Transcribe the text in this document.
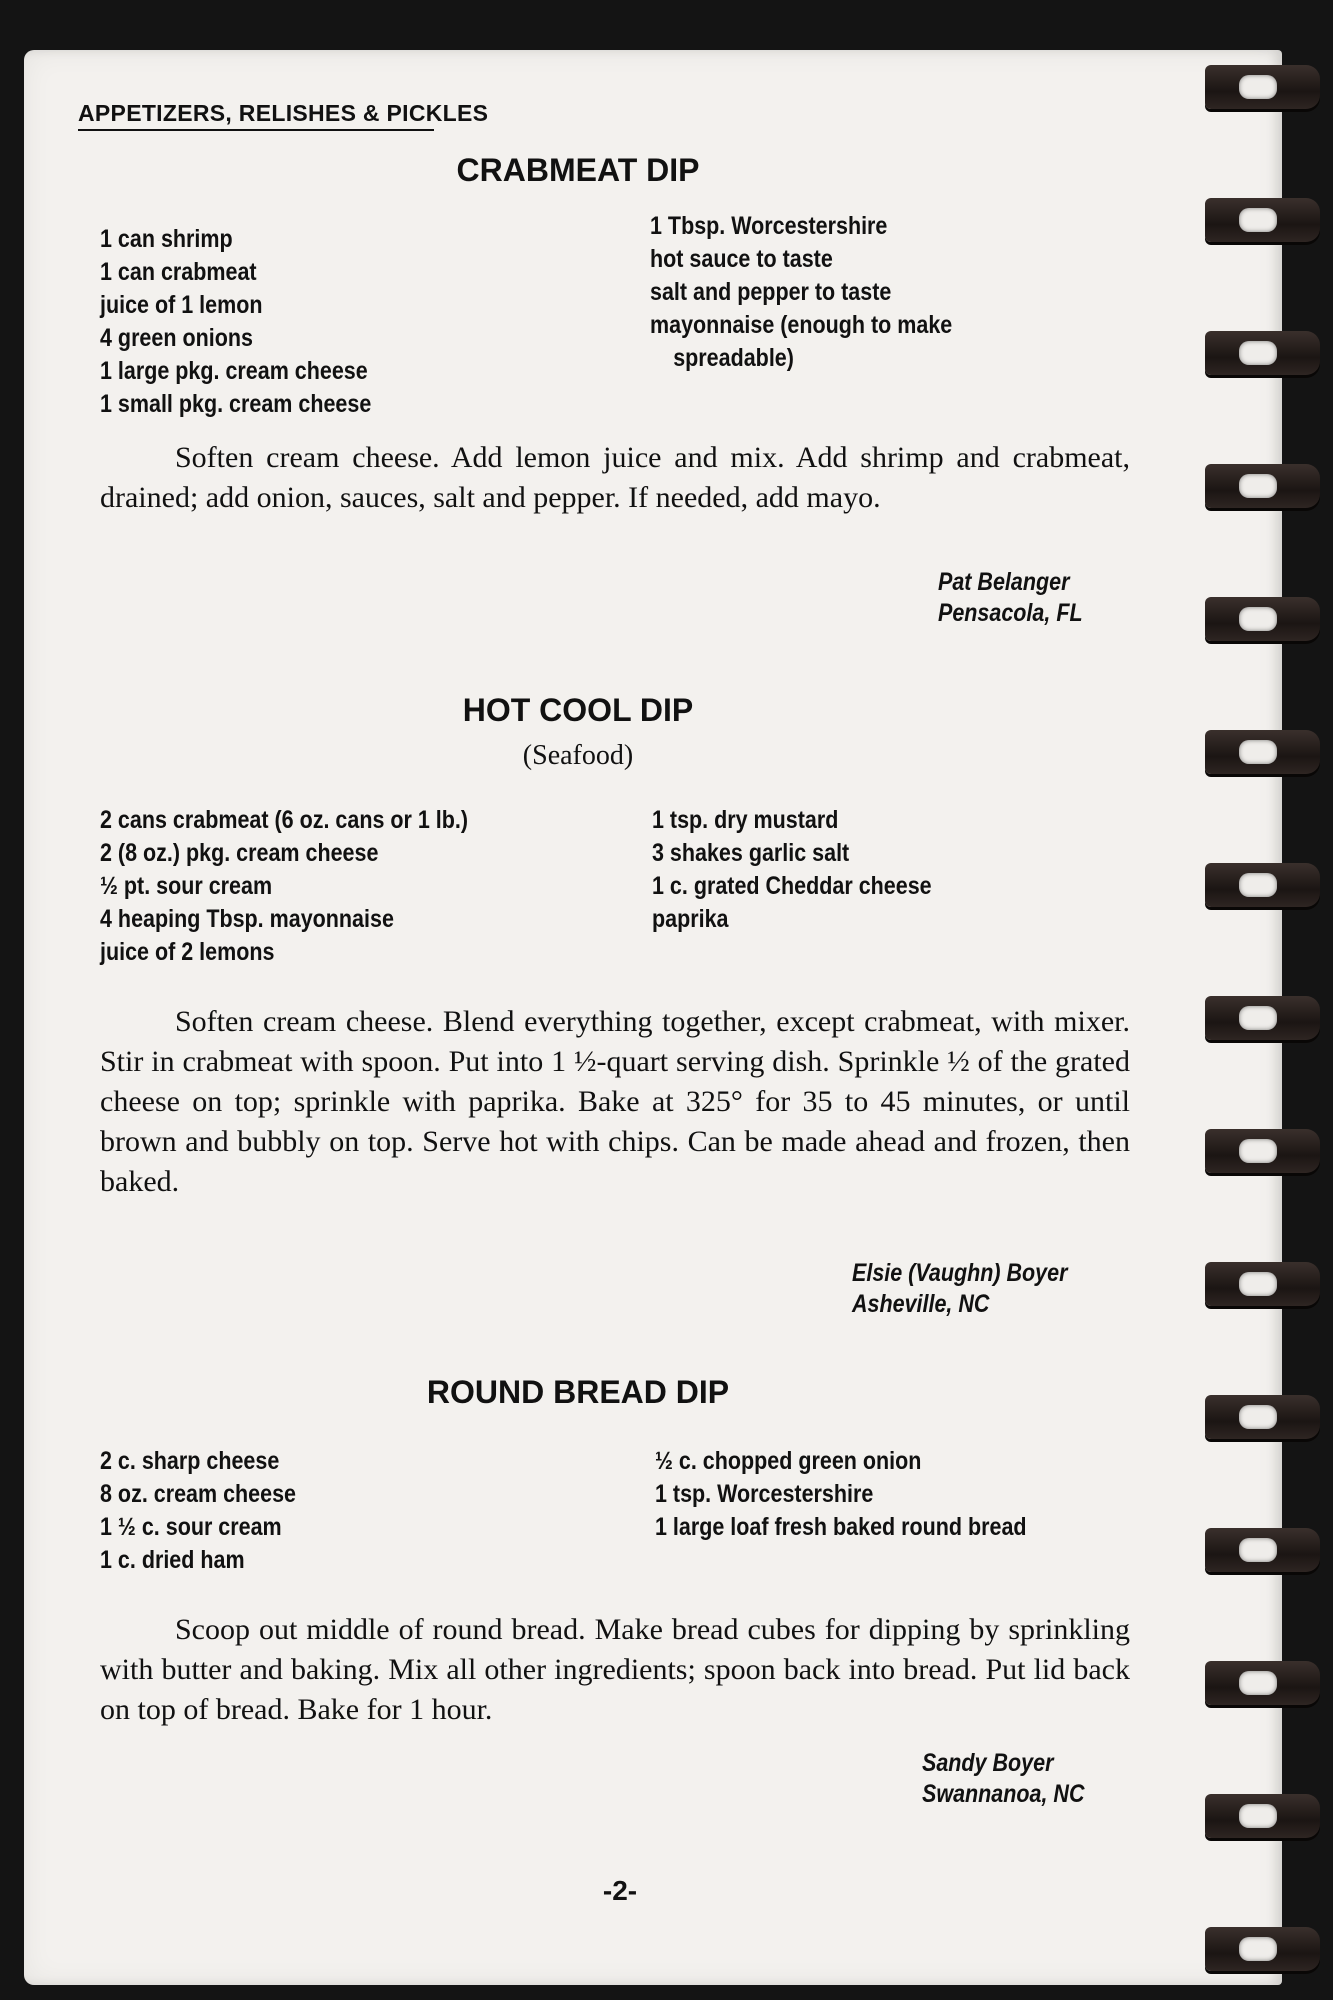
APPETIZERS, RELISHES & PICKLES
CRABMEAT DIP
1 can shrimp
1 can crabmeat
juice of 1 lemon
4 green onions
1 large pkg. cream cheese
1 small pkg. cream cheese
1 Tbsp. Worcestershire
hot sauce to taste
salt and pepper to taste
mayonnaise (enough to make
spreadable)

Soften cream cheese. Add lemon juice and mix. Add shrimp and crabmeat, drained; add onion, sauces, salt and pepper. If needed, add mayo.

Pat Belanger
Pensacola, FL
HOT COOL DIP

(Seafood)

2 cans crabmeat (6 oz. cans or 1 lb.)
2 (8 oz.) pkg. cream cheese
½ pt. sour cream
4 heaping Tbsp. mayonnaise
juice of 2 lemons
1 tsp. dry mustard
3 shakes garlic salt
1 c. grated Cheddar cheese
paprika

Soften cream cheese. Blend everything together, except crabmeat, with mixer. Stir in crabmeat with spoon. Put into 1 ½-quart serving dish. Sprinkle ½ of the grated cheese on top; sprinkle with paprika. Bake at 325° for 35 to 45 minutes, or until brown and bubbly on top. Serve hot with chips. Can be made ahead and frozen, then baked.

Elsie (Vaughn) Boyer
Asheville, NC
ROUND BREAD DIP
2 c. sharp cheese
8 oz. cream cheese
1 ½ c. sour cream
1 c. dried ham
½ c. chopped green onion
1 tsp. Worcestershire
1 large loaf fresh baked round bread

Scoop out middle of round bread. Make bread cubes for dipping by sprinkling with butter and baking. Mix all other ingredients; spoon back into bread. Put lid back on top of bread. Bake for 1 hour.

Sandy Boyer
Swannanoa, NC
-2-
